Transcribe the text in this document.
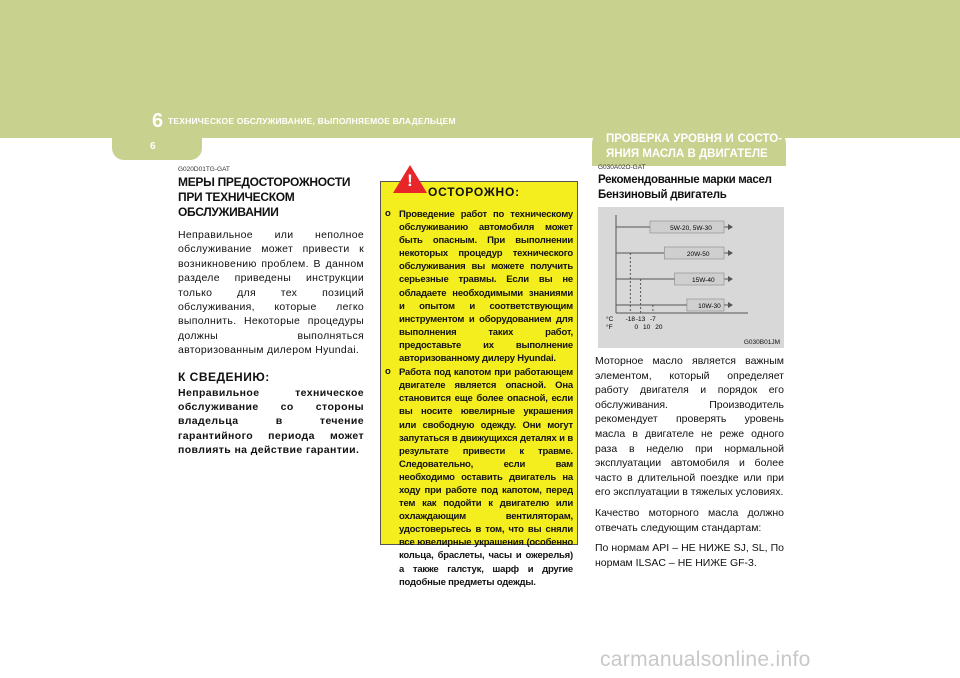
6 ТЕХНИЧЕСКОЕ ОБСЛУЖИВАНИЕ, ВЫПОЛНЯЕМОЕ ВЛАДЕЛЬЦЕМ
6
ПРОВЕРКА УРОВНЯ И СОСТО-ЯНИЯ МАСЛА В ДВИГАТЕЛЕ
G020D01TG-GAT
МЕРЫ ПРЕДОСТОРОЖНОСТИ ПРИ ТЕХНИЧЕСКОМ ОБСЛУЖИВАНИИ
Неправильное или неполное обслуживание может привести к возникновению проблем. В данном разделе приведены инструкции только для тех позиций обслуживания, которые легко выполнить. Некоторые процедуры должны выполняться авторизованным дилером Hyundai.
К СВЕДЕНИЮ:
Неправильное техническое обслуживание со стороны владельца в течение гарантийного периода может повлиять на действие гарантии.
!
ОСТОРОЖНО:
o Проведение работ по техническому обслуживанию автомобиля может быть опасным. При выполнении некоторых процедур технического обслуживания вы можете получить серьезные травмы. Если вы не обладаете необходимыми знаниями и опытом и соответствующим инструментом и оборудованием для выполнения таких работ, предоставьте их выполнение авторизованному дилеру Hyundai.
o Работа под капотом при работающем двигателе является опасной. Она становится еще более опасной, если вы носите ювелирные украшения или свободную одежду. Они могут запутаться в движущихся деталях и в результате привести к травме. Следовательно, если вам необходимо оставить двигатель на ходу при работе под капотом, перед тем как подойти к двигателю или охлаждающим вентиляторам, удостоверьтесь в том, что вы сняли все ювелирные украшения (особенно кольца, браслеты, часы и ожерелья) а также галстук, шарф и другие подобные предметы одежды.
G030A02O-GAT
Рекомендованные марки масел Бензиновый двигатель
5W-20, 5W-30
20W-50
15W-40
10W-30
°C
°F
-18 -13 -7
0 10 20
G030B01JM

Моторное масло является важным элементом, который определяет работу двигателя и порядок его обслуживания. Производитель рекомендует проверять уровень масла в двигателе не реже одного раза в неделю при нормальной эксплуатации автомобиля и более часто в длительной поездке или при его эксплуатации в тяжелых условиях.

Качество моторного масла должно отвечать следующим стандартам:

По нормам API – НЕ НИЖЕ SJ, SL, По нормам ILSAC – НЕ НИЖЕ GF-3.

carmanualsonline.info
